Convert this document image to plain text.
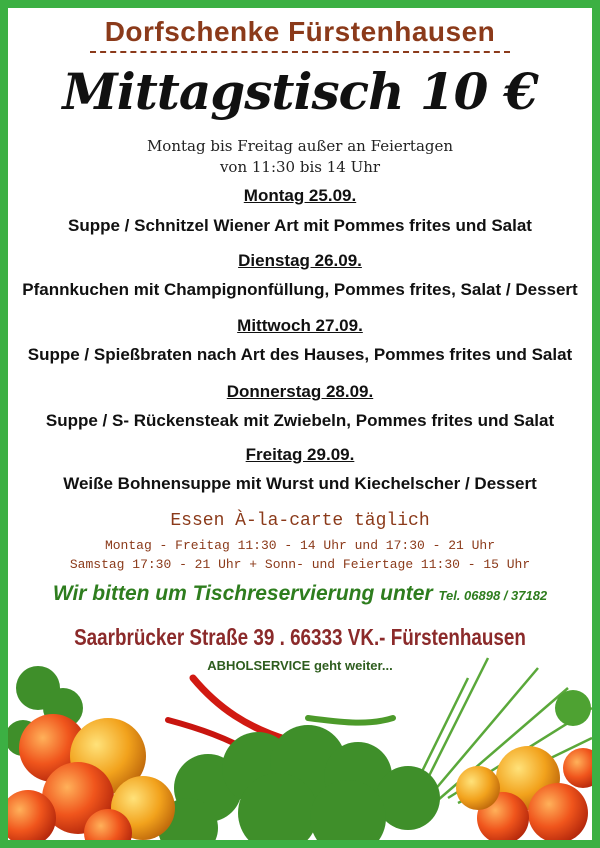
Dorfschenke Fürstenhausen
Mittagstisch 10 €
Montag bis Freitag außer an Feiertagen
von 11:30 bis 14 Uhr
Montag 25.09.
Suppe / Schnitzel Wiener Art mit Pommes frites und Salat
Dienstag 26.09.
Pfannkuchen mit Champignonfüllung, Pommes frites, Salat / Dessert
Mittwoch 27.09.
Suppe / Spießbraten nach Art des Hauses, Pommes frites und Salat
Donnerstag 28.09.
Suppe / S- Rückensteak mit Zwiebeln, Pommes frites und Salat
Freitag 29.09.
Weiße Bohnensuppe mit Wurst und Kiechelscher / Dessert
Essen À-la-carte täglich
Montag - Freitag 11:30 - 14 Uhr und 17:30 - 21 Uhr
Samstag 17:30 - 21 Uhr + Sonn- und Feiertage 11:30 - 15 Uhr
Wir bitten um Tischreservierung unter Tel. 06898 / 37182
Saarbrücker Straße 39 . 66333 VK.- Fürstenhausen
ABHOLSERVICE geht weiter...
